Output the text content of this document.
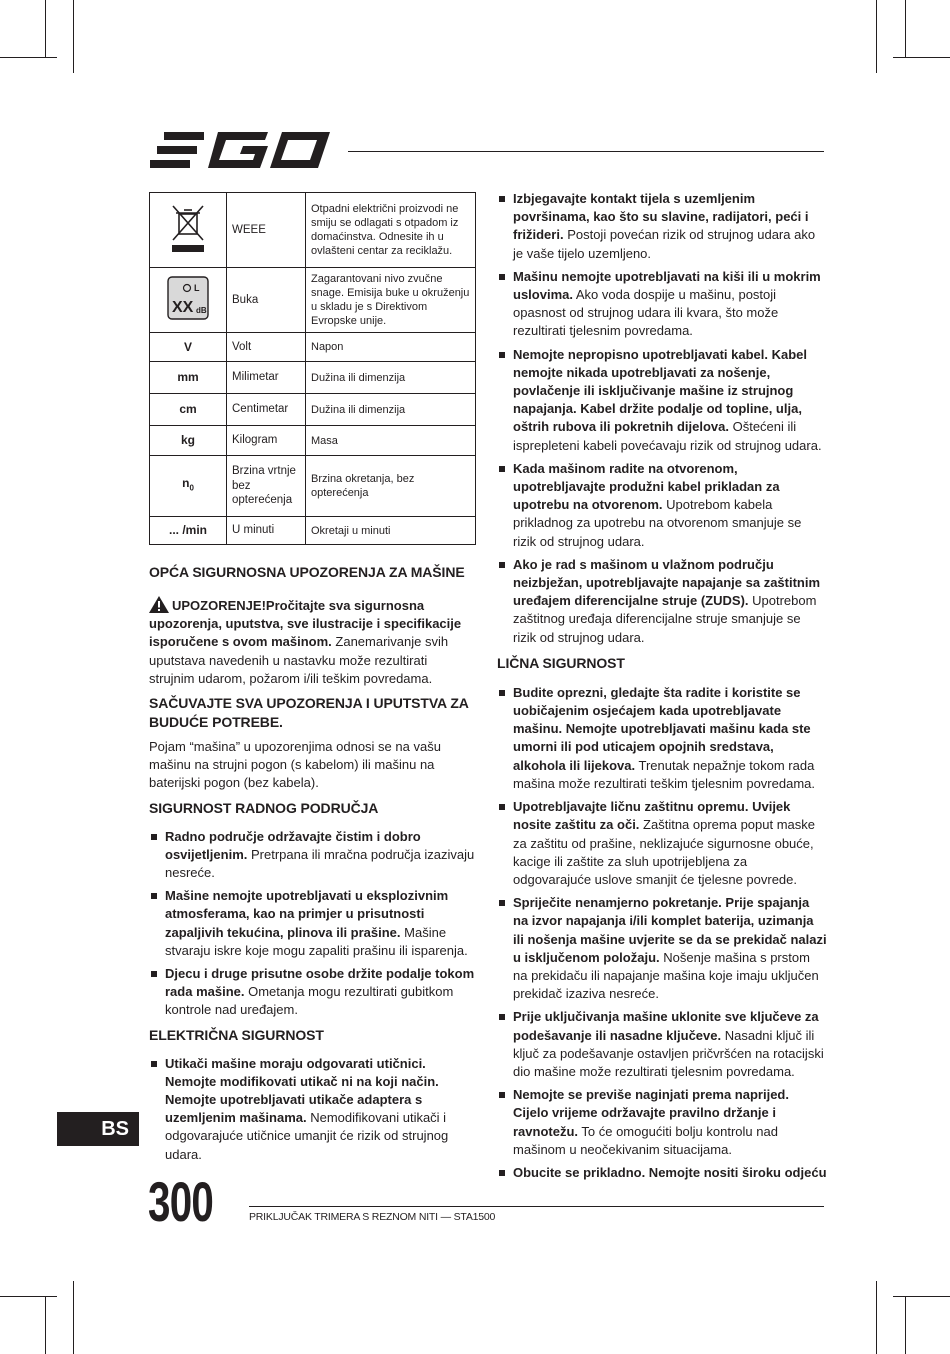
	WEEE	Otpadni električni proizvodi ne smiju se odlagati s otpadom iz domaćinstva. Odnesite ih u ovlašteni centar za reciklažu.

L
XX dB	Buka	Zagarantovani nivo zvučne snage. Emisija buke u okruženju u skladu je s Direktivom Evropske unije.
V	Volt	Napon
mm	Milimetar	Dužina ili dimenzija
cm	Centimetar	Dužina ili dimenzija
kg	Kilogram	Masa
$n_0$	Brzina vrtnje bez opterećenja	Brzina okretanja, bez opterećenja
... /min	U minuti	Okretaji u minuti
OPĆA SIGURNOSNA UPOZORENJA ZA MAŠINE

UPOZORENJE!Pročitajte sva sigurnosna upozorenja, uputstva, sve ilustracije i specifikacije isporučene s ovom mašinom. Zanemarivanje svih uputstava navedenih u nastavku može rezultirati strujnim udarom, požarom i/ili teškim povredama.

SAČUVAJTE SVA UPOZORENJA I UPUTSTVA ZA BUDUĆE POTREBE.

Pojam “mašina” u upozorenjima odnosi se na vašu mašinu na strujni pogon (s kabelom) ili mašinu na baterijski pogon (bez kabela).

SIGURNOST RADNOG PODRUČJA
Radno područje održavajte čistim i dobro osvijetljenim. Pretrpana ili mračna područja izazivaju nesreće.
Mašine nemojte upotrebljavati u eksplozivnim atmosferama, kao na primjer u prisutnosti zapaljivih tekućina, plinova ili prašine. Mašine stvaraju iskre koje mogu zapaliti prašinu ili isparenja.
Djecu i druge prisutne osobe držite podalje tokom rada mašine. Ometanja mogu rezultirati gubitkom kontrole nad uređajem.
ELEKTRIČNA SIGURNOST
Utikači mašine moraju odgovarati utičnici. Nemojte modifikovati utikač ni na koji način. Nemojte upotrebljavati utikače adaptera s uzemljenim mašinama. Nemodifikovani utikači i odgovarajuće utičnice umanjit će rizik od strujnog udara.
Izbjegavajte kontakt tijela s uzemljenim površinama, kao što su slavine, radijatori, peći i frižideri. Postoji povećan rizik od strujnog udara ako je vaše tijelo uzemljeno.
Mašinu nemojte upotrebljavati na kiši ili u mokrim uslovima. Ako voda dospije u mašinu, postoji opasnost od strujnog udara ili kvara, što može rezultirati tjelesnim povredama.
Nemojte nepropisno upotrebljavati kabel. Kabel nemojte nikada upotrebljavati za nošenje, povlačenje ili isključivanje mašine iz strujnog napajanja. Kabel držite podalje od topline, ulja, oštrih rubova ili pokretnih dijelova. Oštećeni ili isprepleteni kabeli povećavaju rizik od strujnog udara.
Kada mašinom radite na otvorenom, upotrebljavajte produžni kabel prikladan za upotrebu na otvorenom. Upotrebom kabela prikladnog za upotrebu na otvorenom smanjuje se rizik od strujnog udara.
Ako je rad s mašinom u vlažnom području neizbježan, upotrebljavajte napajanje sa zaštitnim uređajem diferencijalne struje (ZUDS). Upotrebom zaštitnog uređaja diferencijalne struje smanjuje se rizik od strujnog udara.
LIČNA SIGURNOST
Budite oprezni, gledajte šta radite i koristite se uobičajenim osjećajem kada upotrebljavate mašinu. Nemojte upotrebljavati mašinu kada ste umorni ili pod uticajem opojnih sredstava, alkohola ili lijekova. Trenutak nepažnje tokom rada mašina može rezultirati teškim tjelesnim povredama.
Upotrebljavajte ličnu zaštitnu opremu. Uvijek nosite zaštitu za oči. Zaštitna oprema poput maske za zaštitu od prašine, neklizajuće sigurnosne obuće, kacige ili zaštite za sluh upotrijebljena za odgovarajuće uslove smanjit će tjelesne povrede.
Spriječite nenamjerno pokretanje. Prije spajanja na izvor napajanja i/ili komplet baterija, uzimanja ili nošenja mašine uvjerite se da se prekidač nalazi u isključenom položaju. Nošenje mašina s prstom na prekidaču ili napajanje mašina koje imaju uključen prekidač izaziva nesreće.
Prije uključivanja mašine uklonite sve ključeve za podešavanje ili nasadne ključeve. Nasadni ključ ili ključ za podešavanje ostavljen pričvršćen na rotacijski dio mašine može rezultirati tjelesnim povredama.
Nemojte se previše naginjati prema naprijed. Cijelo vrijeme održavajte pravilno držanje i ravnotežu. To će omogućiti bolju kontrolu nad mašinom u neočekivanim situacijama.
Obucite se prikladno. Nemojte nositi široku odjeću
BS
300	PRIKLJUČAK TRIMERA S REZNOM NITI — STA1500
